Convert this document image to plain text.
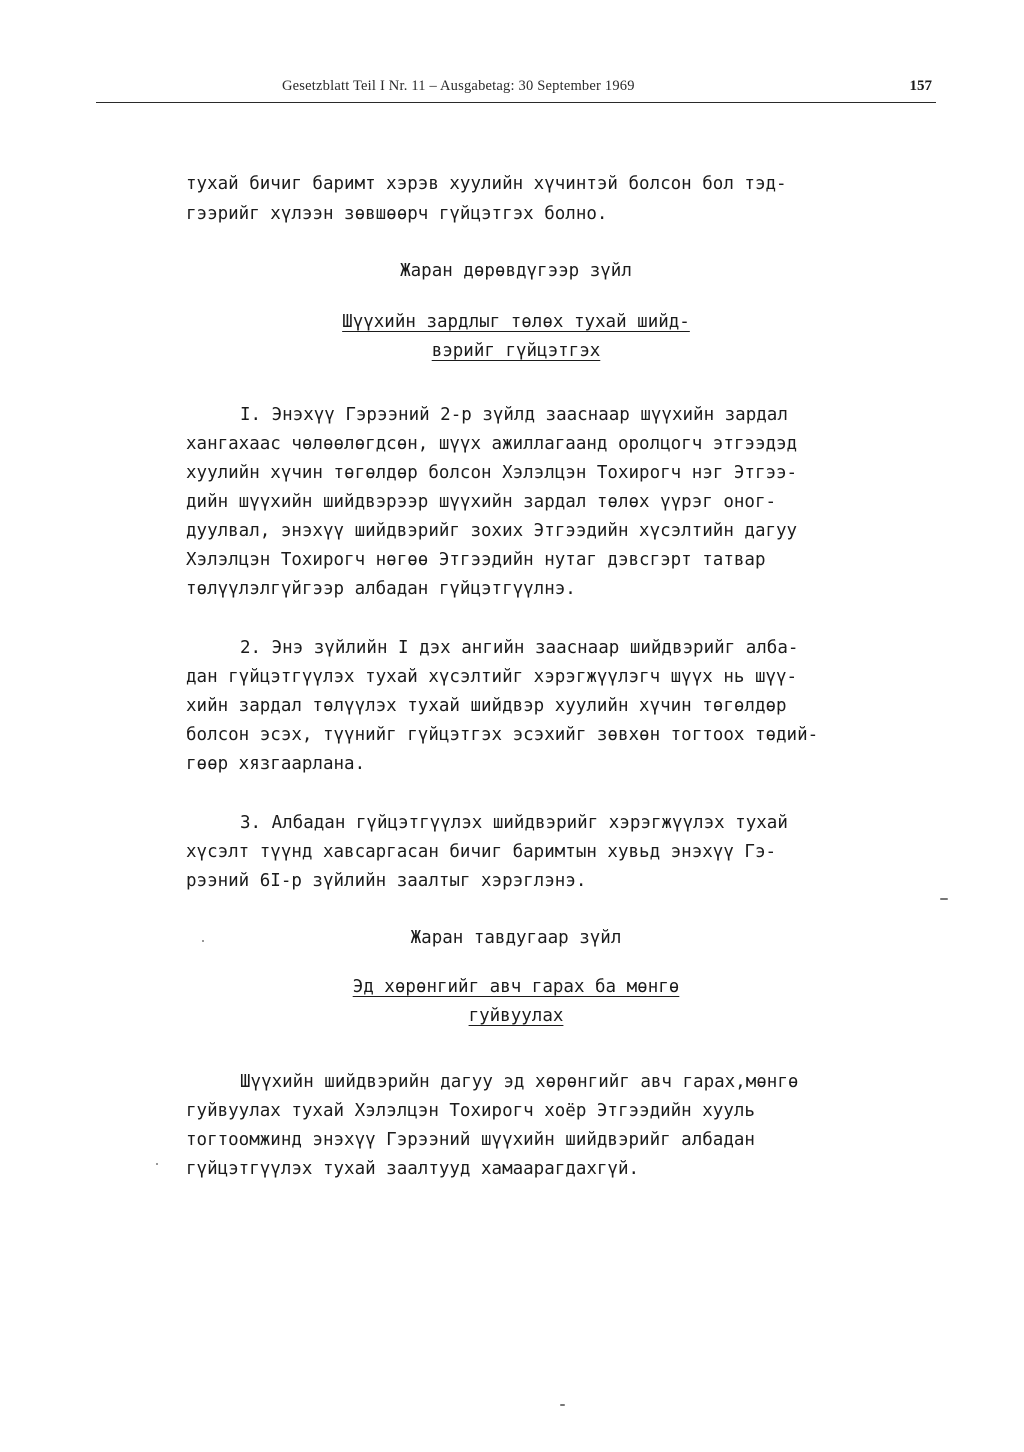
Gesetzblatt Teil I Nr. 11 – Ausgabetag: 30 September 1969	157
тухай бичиг баримт хэрэв хуулийн хүчинтэй болсон бол тэд-
гээрийг хүлээн зөвшөөрч гүйцэтгэх болно.
Жаран дөрөвдүгээр зүйл
Шүүхийн зардлыг төлөх тухай шийд-
вэрийг гүйцэтгэх
I. Энэхүү Гэрээний 2-р зүйлд зааснаар шүүхийн зардал
хангахаас чөлөөлөгдсөн, шүүх ажиллагаанд оролцогч этгээдэд
хуулийн хүчин төгөлдөр болсон Хэлэлцэн Тохирогч нэг Этгээ-
дийн шүүхийн шийдвэрээр шүүхийн зардал төлөх үүрэг оног-
дуулвал, энэхүү шийдвэрийг зохих Этгээдийн хүсэлтийн дагуу
Хэлэлцэн Тохирогч нөгөө Этгээдийн нутаг дэвсгэрт татвар
төлүүлэлгүйгээр албадан гүйцэтгүүлнэ.
2. Энэ зүйлийн I дэх ангийн зааснаар шийдвэрийг алба-
дан гүйцэтгүүлэх тухай хүсэлтийг хэрэгжүүлэгч шүүх нь шүү-
хийн зардал төлүүлэх тухай шийдвэр хуулийн хүчин төгөлдөр
болсон эсэх, түүнийг гүйцэтгэх эсэхийг зөвхөн тогтоох төдий-
гөөр хязгаарлана.
3. Албадан гүйцэтгүүлэх шийдвэрийг хэрэгжүүлэх тухай
хүсэлт түүнд хавсаргасан бичиг баримтын хувьд энэхүү Гэ-
рээний 6I-р зүйлийн заалтыг хэрэглэнэ.
Жаран тавдугаар зүйл
Эд хөрөнгийг авч гарах ба мөнгө
гуйвуулах
Шүүхийн шийдвэрийн дагуу эд хөрөнгийг авч гарах,мөнгө
гуйвуулах тухай Хэлэлцэн Тохирогч хоёр Этгээдийн хууль
тогтоомжинд энэхүү Гэрээний шүүхийн шийдвэрийг албадан
гүйцэтгүүлэх тухай заалтууд хамаарагдахгүй.
